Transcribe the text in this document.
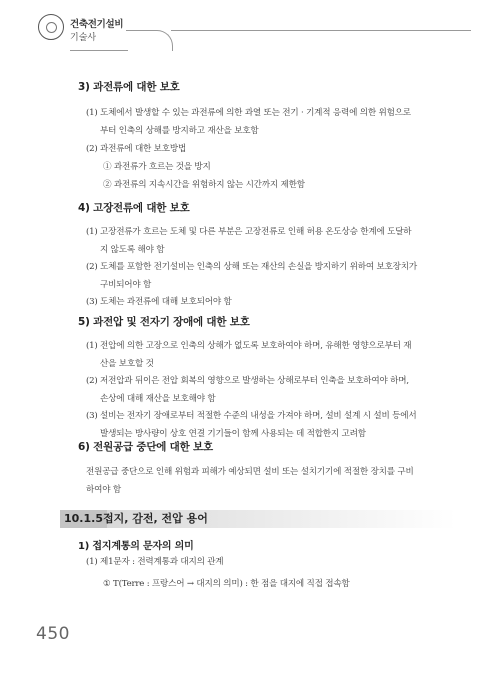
건축전기설비
기술사
3) 과전류에 대한 보호
(1) 도체에서 발생할 수 있는 과전류에 의한 과열 또는 전기 · 기계적 응력에 의한 위험으로
부터 인축의 상해를 방지하고 재산을 보호함
(2) 과전류에 대한 보호방법
① 과전류가 흐르는 것을 방지
② 과전류의 지속시간을 위험하지 않는 시간까지 제한함
4) 고장전류에 대한 보호
(1) 고장전류가 흐르는 도체 및 다른 부분은 고장전류로 인해 허용 온도상승 한계에 도달하
지 않도록 해야 함
(2) 도체를 포함한 전기설비는 인축의 상해 또는 재산의 손실을 방지하기 위하여 보호장치가
구비되어야 함
(3) 도체는 과전류에 대해 보호되어야 함
5) 과전압 및 전자기 장애에 대한 보호
(1) 전압에 의한 고장으로 인축의 상해가 없도록 보호하여야 하며, 유해한 영향으로부터 재
산을 보호할 것
(2) 저전압과 뒤이은 전압 회복의 영향으로 발생하는 상해로부터 인축을 보호하여야 하며,
손상에 대해 재산을 보호해야 함
(3) 설비는 전자기 장애로부터 적절한 수준의 내성을 가져야 하며, 설비 설계 시 설비 등에서
발생되는 방사량이 상호 연결 기기들이 함께 사용되는 데 적합한지 고려함
6) 전원공급 중단에 대한 보호
전원공급 중단으로 인해 위험과 피해가 예상되면 설비 또는 설치기기에 적절한 장치를 구비
하여야 함
10.1.5 접지, 감전, 전압 용어
1) 접지계통의 문자의 의미
(1) 제1문자 : 전력계통과 대지의 관계
① T(Terre : 프랑스어 → 대지의 의미) : 한 점을 대지에 직접 접속함
450
